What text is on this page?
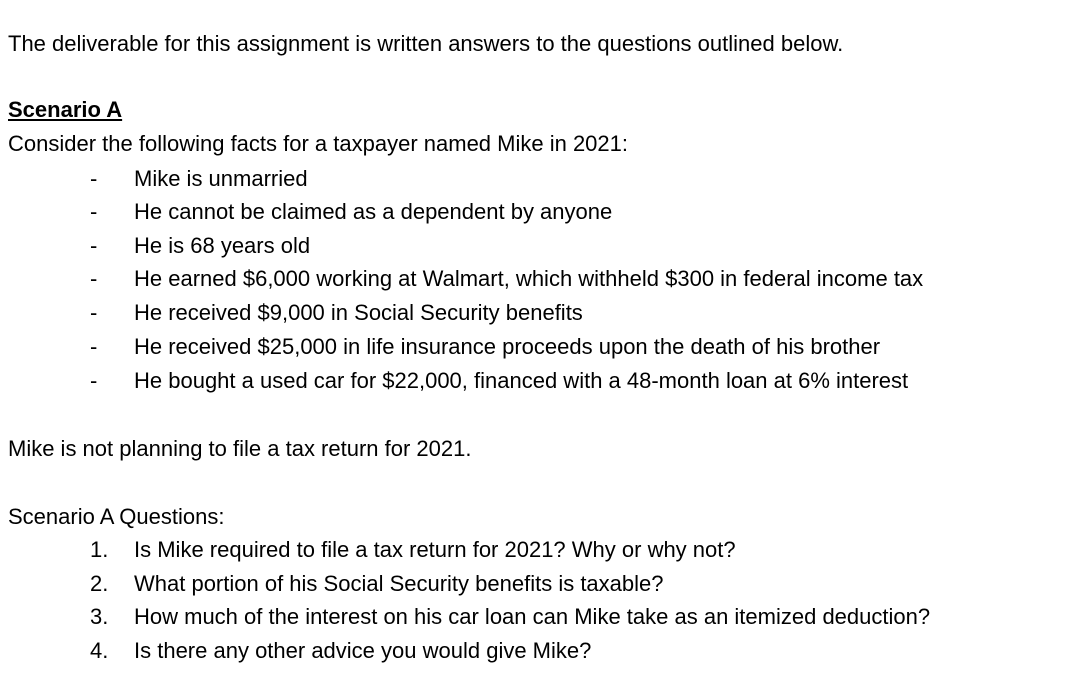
The deliverable for this assignment is written answers to the questions outlined below.
Scenario A
Consider the following facts for a taxpayer named Mike in 2021:
- Mike is unmarried
- He cannot be claimed as a dependent by anyone
- He is 68 years old
- He earned $6,000 working at Walmart, which withheld $300 in federal income tax
- He received $9,000 in Social Security benefits
- He received $25,000 in life insurance proceeds upon the death of his brother
- He bought a used car for $22,000, financed with a 48-month loan at 6% interest
Mike is not planning to file a tax return for 2021.
Scenario A Questions:
1.	Is Mike required to file a tax return for 2021? Why or why not?
2.	What portion of his Social Security benefits is taxable?
3.	How much of the interest on his car loan can Mike take as an itemized deduction?
4.	Is there any other advice you would give Mike?
